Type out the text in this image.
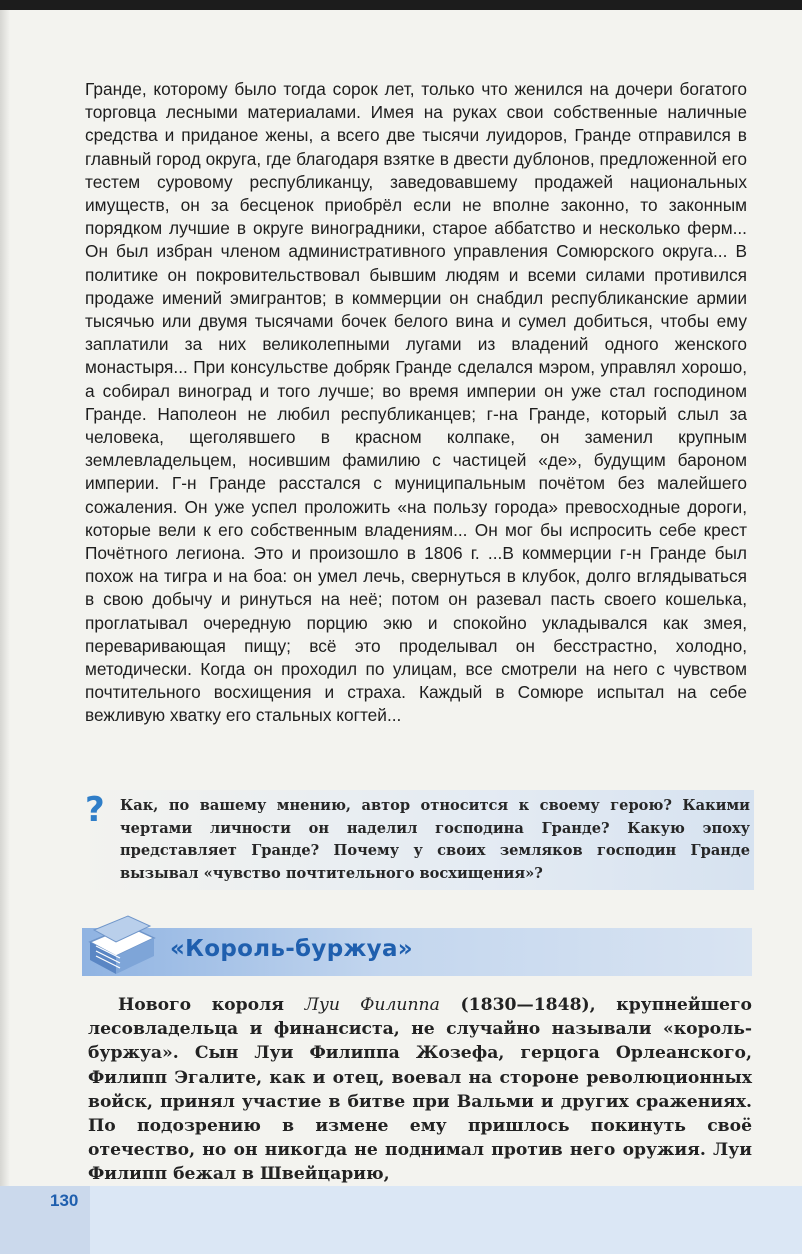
Гранде, которому было тогда сорок лет, только что женился на дочери богатого торговца лесными материалами. Имея на руках свои собственные наличные средства и приданое жены, а всего две тысячи луидоров, Гранде отправился в главный город округа, где благодаря взятке в двести дублонов, предложенной его тестем суровому республиканцу, заведовавшему продажей национальных имуществ, он за бесценок приобрёл если не вполне законно, то законным порядком лучшие в округе виноградники, старое аббатство и несколько ферм... Он был избран членом административного управления Сомюрского округа... В политике он покровительствовал бывшим людям и всеми силами противился продаже имений эмигрантов; в коммерции он снабдил республиканские армии тысячью или двумя тысячами бочек белого вина и сумел добиться, чтобы ему заплатили за них великолепными лугами из владений одного женского монастыря... При консульстве добряк Гранде сделался мэром, управлял хорошо, а собирал виноград и того лучше; во время империи он уже стал господином Гранде. Наполеон не любил республиканцев; г-на Гранде, который слыл за человека, щеголявшего в красном колпаке, он заменил крупным землевладельцем, носившим фамилию с частицей «де», будущим бароном империи. Г-н Гранде расстался с муниципальным почётом без малейшего сожаления. Он уже успел проложить «на пользу города» превосходные дороги, которые вели к его собственным владениям... Он мог бы испросить себе крест Почётного легиона. Это и произошло в 1806 г. ...В коммерции г-н Гранде был похож на тигра и на боа: он умел лечь, свернуться в клубок, долго вглядываться в свою добычу и ринуться на неё; потом он разевал пасть своего кошелька, проглатывал очередную порцию экю и спокойно укладывался как змея, переваривающая пищу; всё это проделывал он бесстрастно, холодно, методически. Когда он проходил по улицам, все смотрели на него с чувством почтительного восхищения и страха. Каждый в Сомюре испытал на себе вежливую хватку его стальных когтей...
? Как, по вашему мнению, автор относится к своему герою? Какими чертами личности он наделил господина Гранде? Какую эпоху представляет Гранде? Почему у своих земляков господин Гранде вызывал «чувство почтительного восхищения»?
«Король-буржуа»
Нового короля Луи Филиппа (1830—1848), крупнейшего лесовладельца и финансиста, не случайно называли «король-буржуа». Сын Луи Филиппа Жозефа, герцога Орлеанского, Филипп Эгалите, как и отец, воевал на стороне революционных войск, принял участие в битве при Вальми и других сражениях. По подозрению в измене ему пришлось покинуть своё отечество, но он никогда не поднимал против него оружия. Луи Филипп бежал в Швейцарию,
130
